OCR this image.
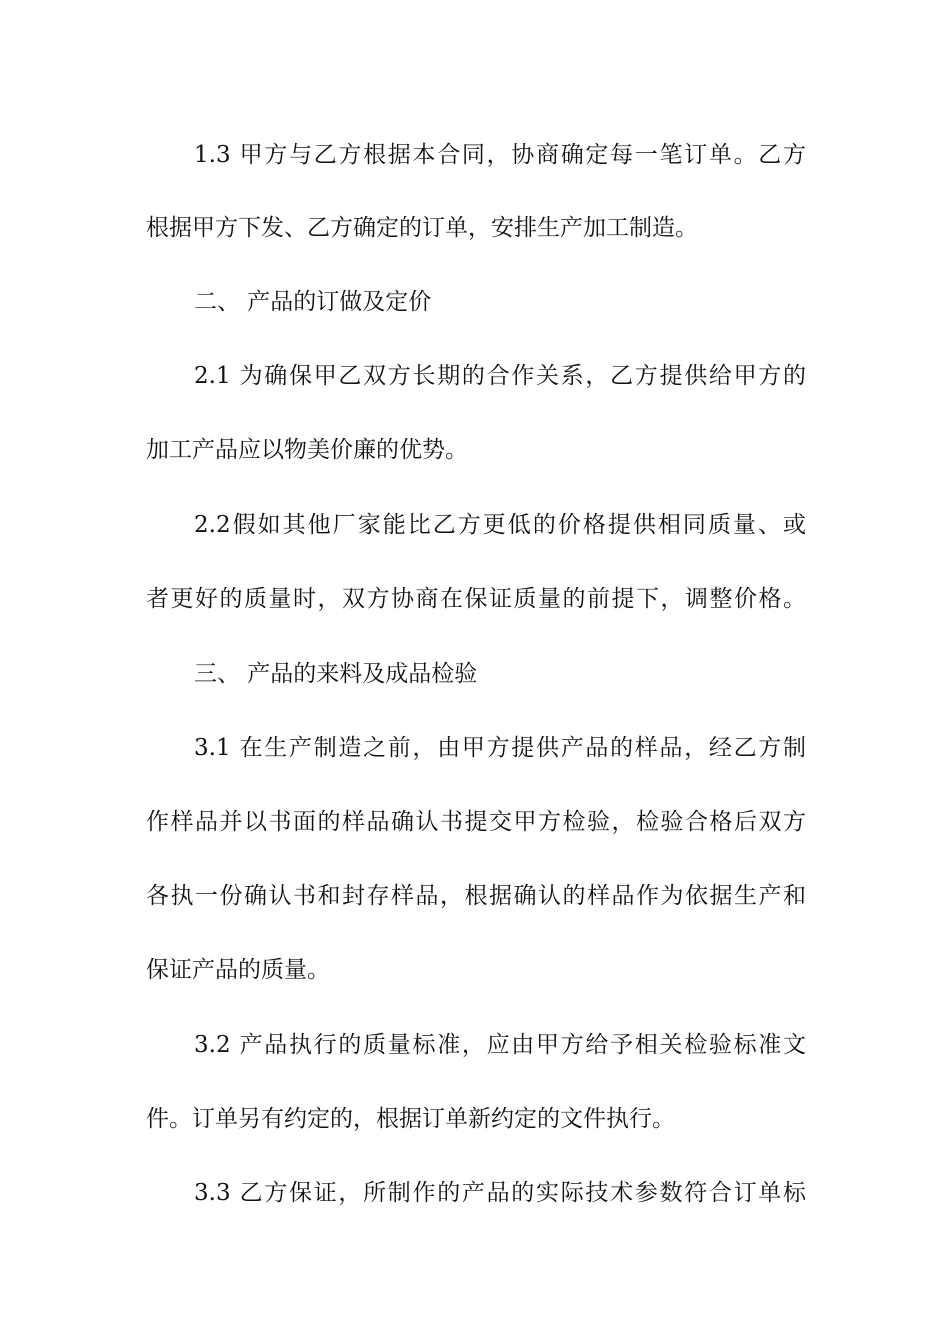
1.3 甲方与乙方根据本合同，协商确定每一笔订单。乙方
根据甲方下发、乙方确定的订单，安排生产加工制造。
二、 产品的订做及定价
2.1 为确保甲乙双方长期的合作关系，乙方提供给甲方的
加工产品应以物美价廉的优势。
2.2假如其他厂家能比乙方更低的价格提供相同质量、或
者更好的质量时，双方协商在保证质量的前提下，调整价格。
三、 产品的来料及成品检验
3.1 在生产制造之前，由甲方提供产品的样品，经乙方制
作样品并以书面的样品确认书提交甲方检验，检验合格后双方
各执一份确认书和封存样品，根据确认的样品作为依据生产和
保证产品的质量。
3.2 产品执行的质量标准，应由甲方给予相关检验标准文
件。订单另有约定的，根据订单新约定的文件执行。
3.3 乙方保证，所制作的产品的实际技术参数符合订单标
